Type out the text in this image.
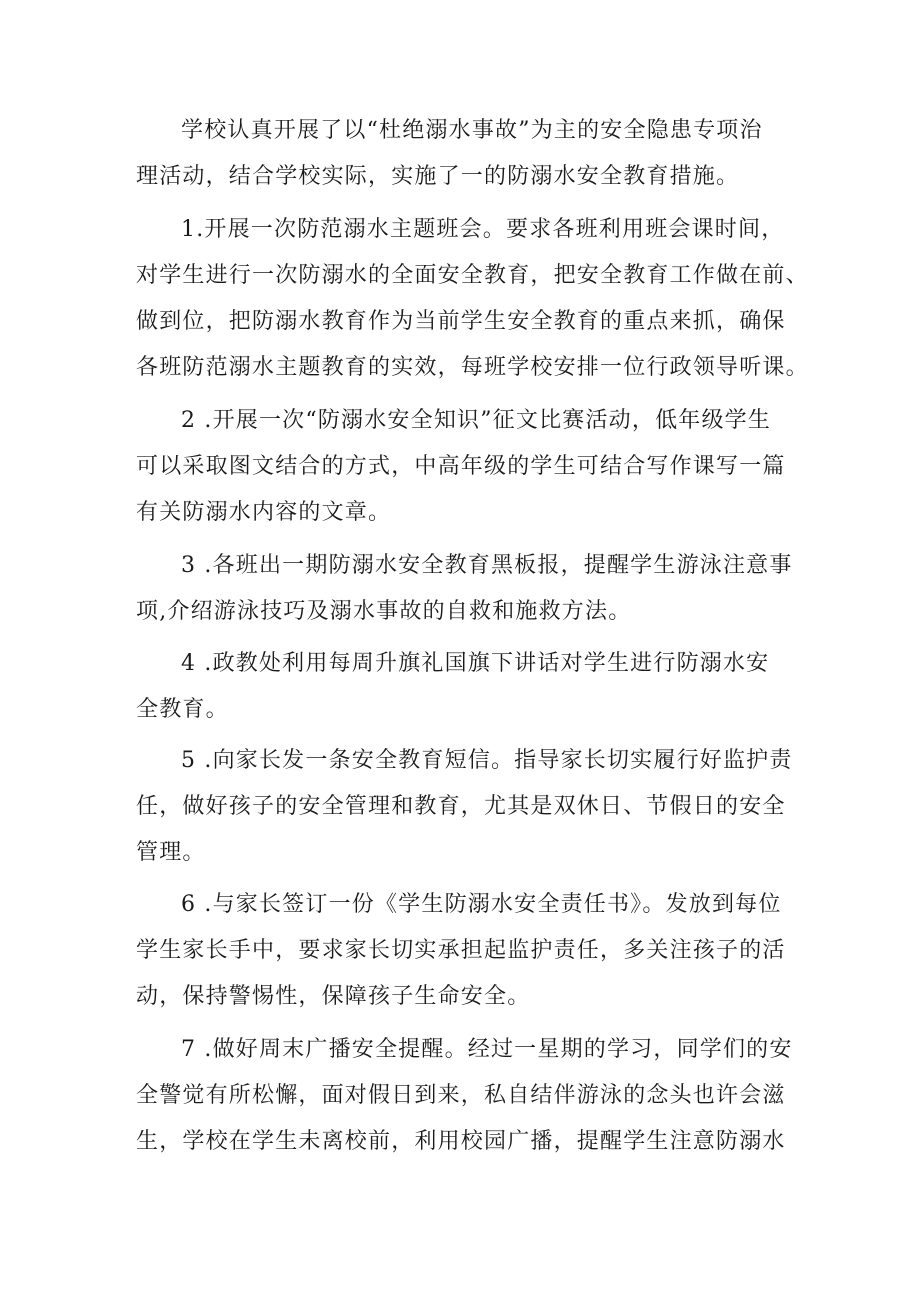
学校认真开展了以“杜绝溺水事故”为主的安全隐患专项治
理活动，结合学校实际，实施了一的防溺水安全教育措施。

1.开展一次防范溺水主题班会。要求各班利用班会课时间，
对学生进行一次防溺水的全面安全教育，把安全教育工作做在前、
做到位，把防溺水教育作为当前学生安全教育的重点来抓，确保
各班防范溺水主题教育的实效，每班学校安排一位行政领导听课。

2 .开展一次“防溺水安全知识”征文比赛活动，低年级学生
可以采取图文结合的方式，中高年级的学生可结合写作课写一篇
有关防溺水内容的文章。

3 .各班出一期防溺水安全教育黑板报，提醒学生游泳注意事
项,介绍游泳技巧及溺水事故的自救和施救方法。

4 .政教处利用每周升旗礼国旗下讲话对学生进行防溺水安
全教育。

5 .向家长发一条安全教育短信。指导家长切实履行好监护责
任，做好孩子的安全管理和教育，尤其是双休日、节假日的安全
管理。

6 .与家长签订一份《学生防溺水安全责任书》。发放到每位
学生家长手中，要求家长切实承担起监护责任，多关注孩子的活
动，保持警惕性，保障孩子生命安全。

7 .做好周末广播安全提醒。经过一星期的学习，同学们的安
全警觉有所松懈，面对假日到来，私自结伴游泳的念头也许会滋
生，学校在学生未离校前，利用校园广播，提醒学生注意防溺水
